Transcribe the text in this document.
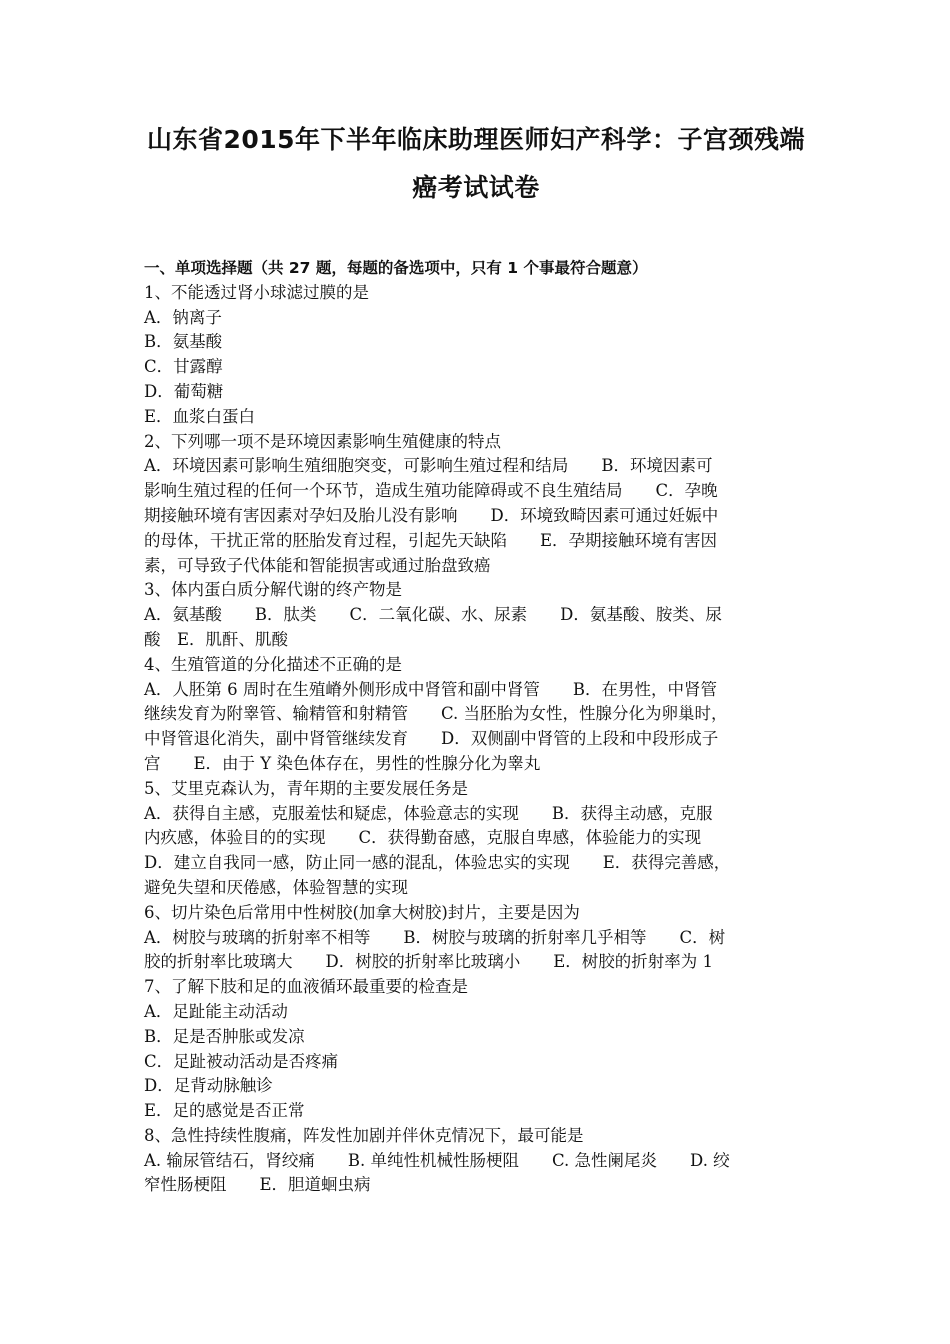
山东省2015年下半年临床助理医师妇产科学：子宫颈残端
癌考试试卷
一、单项选择题（共 27 题，每题的备选项中，只有 1 个事最符合题意）
1、不能透过肾小球滤过膜的是
A．钠离子
B．氨基酸
C．甘露醇
D．葡萄糖
E．血浆白蛋白
2、下列哪一项不是环境因素影响生殖健康的特点
A．环境因素可影响生殖细胞突变，可影响生殖过程和结局　　B．环境因素可
影响生殖过程的任何一个环节，造成生殖功能障碍或不良生殖结局　　C．孕晚
期接触环境有害因素对孕妇及胎儿没有影响　　D．环境致畸因素可通过妊娠中
的母体，干扰正常的胚胎发育过程，引起先天缺陷　　E．孕期接触环境有害因
素，可导致子代体能和智能损害或通过胎盘致癌
3、体内蛋白质分解代谢的终产物是
A．氨基酸　　B．肽类　　C．二氧化碳、水、尿素　　D．氨基酸、胺类、尿
酸　E．肌酐、肌酸
4、生殖管道的分化描述不正确的是
A．人胚第 6 周时在生殖嵴外侧形成中肾管和副中肾管　　B．在男性，中肾管
继续发育为附睾管、输精管和射精管　　C. 当胚胎为女性，性腺分化为卵巢时，
中肾管退化消失，副中肾管继续发育　　D．双侧副中肾管的上段和中段形成子
宫　　E．由于 Y 染色体存在，男性的性腺分化为睾丸
5、艾里克森认为，青年期的主要发展任务是
A．获得自主感，克服羞怯和疑虑，体验意志的实现　　B．获得主动感，克服
内疚感，体验目的的实现　　C．获得勤奋感，克服自卑感，体验能力的实现
D．建立自我同一感，防止同一感的混乱，体验忠实的实现　　E．获得完善感，
避免失望和厌倦感，体验智慧的实现
6、切片染色后常用中性树胶(加拿大树胶)封片，主要是因为
A．树胶与玻璃的折射率不相等　　B．树胶与玻璃的折射率几乎相等　　C．树
胶的折射率比玻璃大　　D．树胶的折射率比玻璃小　　E．树胶的折射率为 1
7、了解下肢和足的血液循环最重要的检查是
A．足趾能主动活动
B．足是否肿胀或发凉
C．足趾被动活动是否疼痛
D．足背动脉触诊
E．足的感觉是否正常
8、急性持续性腹痛，阵发性加剧并伴休克情况下，最可能是
A. 输尿管结石，肾绞痛　　B. 单纯性机械性肠梗阻　　C. 急性阑尾炎　　D. 绞
窄性肠梗阻　　E．胆道蛔虫病
